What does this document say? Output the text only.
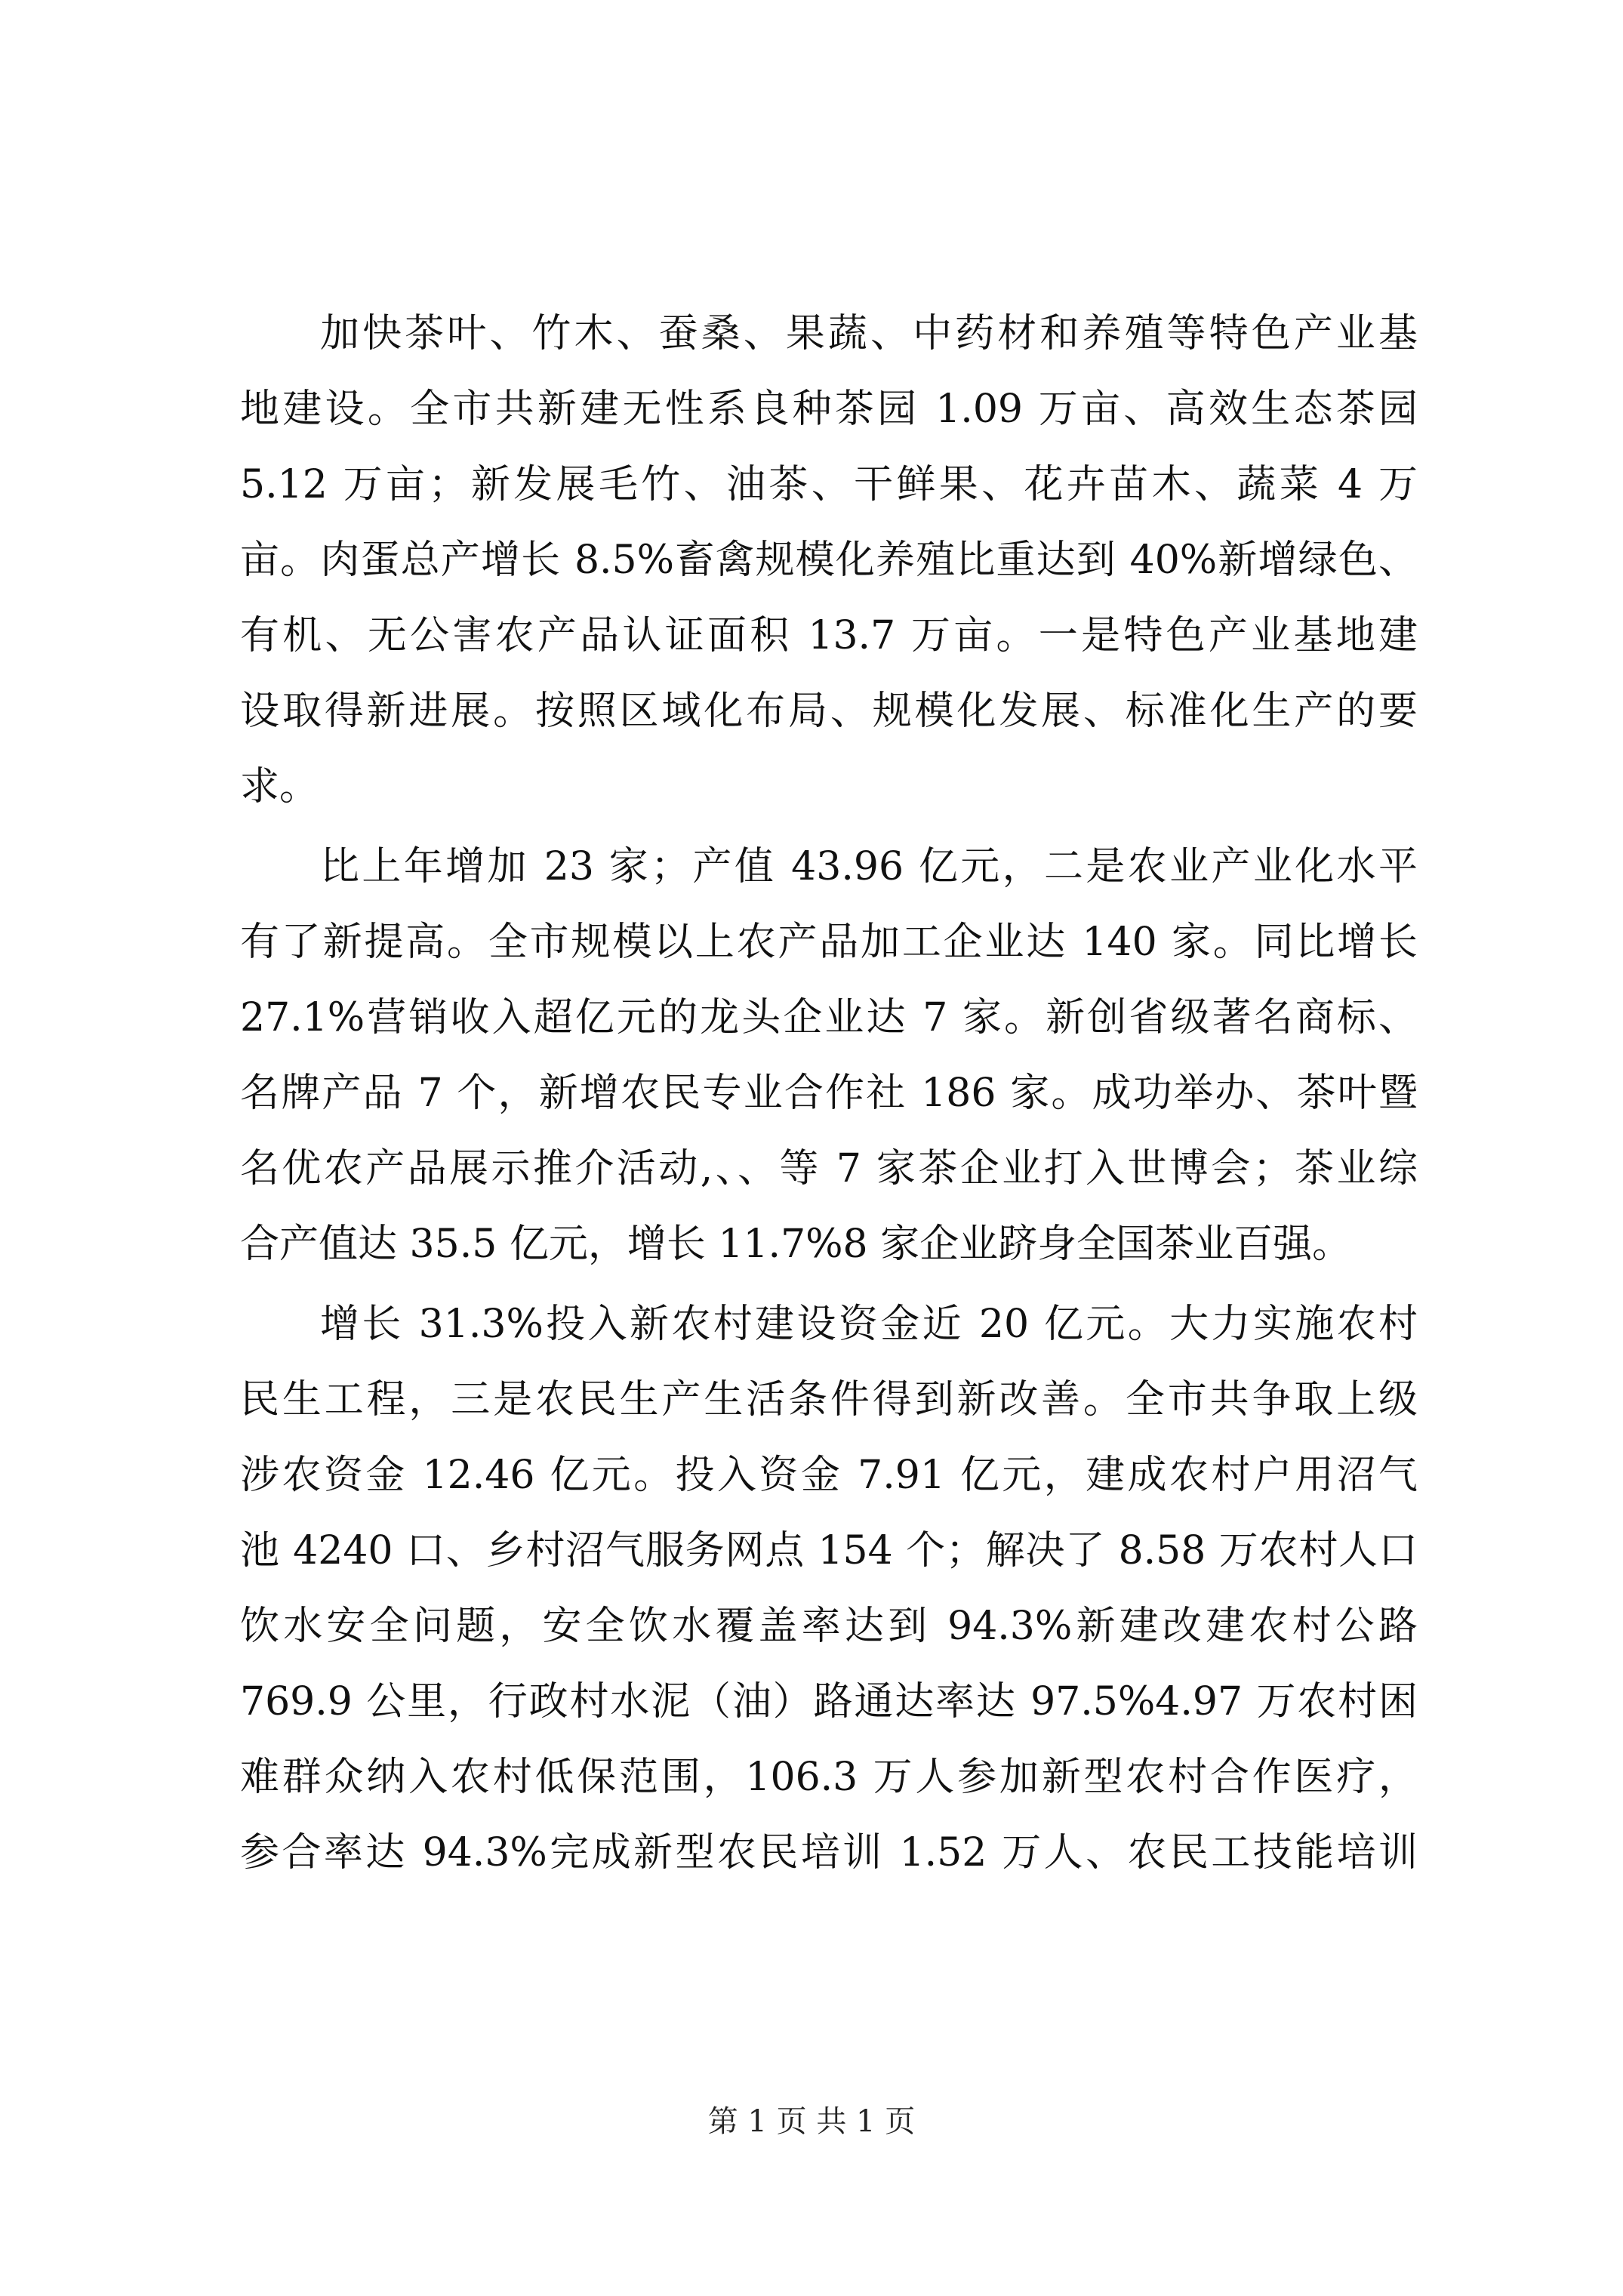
加快茶叶、竹木、蚕桑、果蔬、中药材和养殖等特色产业基
地建设。全市共新建无性系良种茶园 1.09 万亩、高效生态茶园
5.12 万亩；新发展毛竹、油茶、干鲜果、花卉苗木、蔬菜 4 万
亩。肉蛋总产增长 8.5%畜禽规模化养殖比重达到 40%新增绿色、
有机、无公害农产品认证面积 13.7 万亩。一是特色产业基地建
设取得新进展。按照区域化布局、规模化发展、标准化生产的要
求。
比上年增加 23 家；产值 43.96 亿元，二是农业产业化水平
有了新提高。全市规模以上农产品加工企业达 140 家。同比增长
27.1%营销收入超亿元的龙头企业达 7 家。新创省级著名商标、
名牌产品 7 个，新增农民专业合作社 186 家。成功举办、茶叶暨
名优农产品展示推介活动,、、等 7 家茶企业打入世博会；茶业综
合产值达 35.5 亿元，增长 11.7%8 家企业跻身全国茶业百强。
增长 31.3%投入新农村建设资金近 20 亿元。大力实施农村
民生工程，三是农民生产生活条件得到新改善。全市共争取上级
涉农资金 12.46 亿元。投入资金 7.91 亿元，建成农村户用沼气
池 4240 口、乡村沼气服务网点 154 个；解决了 8.58 万农村人口
饮水安全问题，安全饮水覆盖率达到 94.3%新建改建农村公路
769.9 公里，行政村水泥（油）路通达率达 97.5%4.97 万农村困
难群众纳入农村低保范围，106.3 万人参加新型农村合作医疗，
参合率达 94.3%完成新型农民培训 1.52 万人、农民工技能培训
第 1 页 共 1 页
